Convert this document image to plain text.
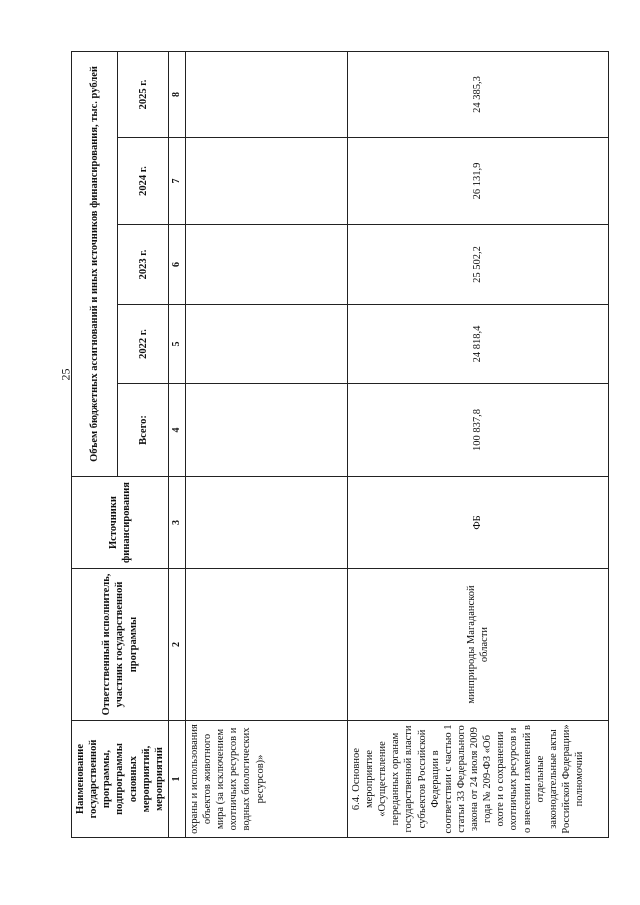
25
Наименование государственной программы, подпрограммы основных мероприятий, мероприятий	Ответственный исполнитель, участник государственной программы	Источники финансирования	Объем бюджетных ассигнований и иных источников финансирования, тыс. рублей				
			Всего:	2022 г.	2023 г.	2024 г.	2025 г.
1	2	3	4	5	6	7	8
охраны и использования объектов животного мира (за исключением охотничьих ресурсов и водных биологических ресурсов)»							
6.4. Основное мероприятие «Осуществление переданных органам государственной власти субъектов Российской Федерации в соответствии с частью 1 статьи 33 Федерального закона от 24 июля 2009 года № 209-ФЗ «Об охоте и о сохранении охотничьих ресурсов и о внесении изменений в отдельные законодательные акты Российской Федерации» полномочий	минприроды Магаданской области	ФБ	100 837,8	24 818,4	25 502,2	26 131,9	24 385,3
